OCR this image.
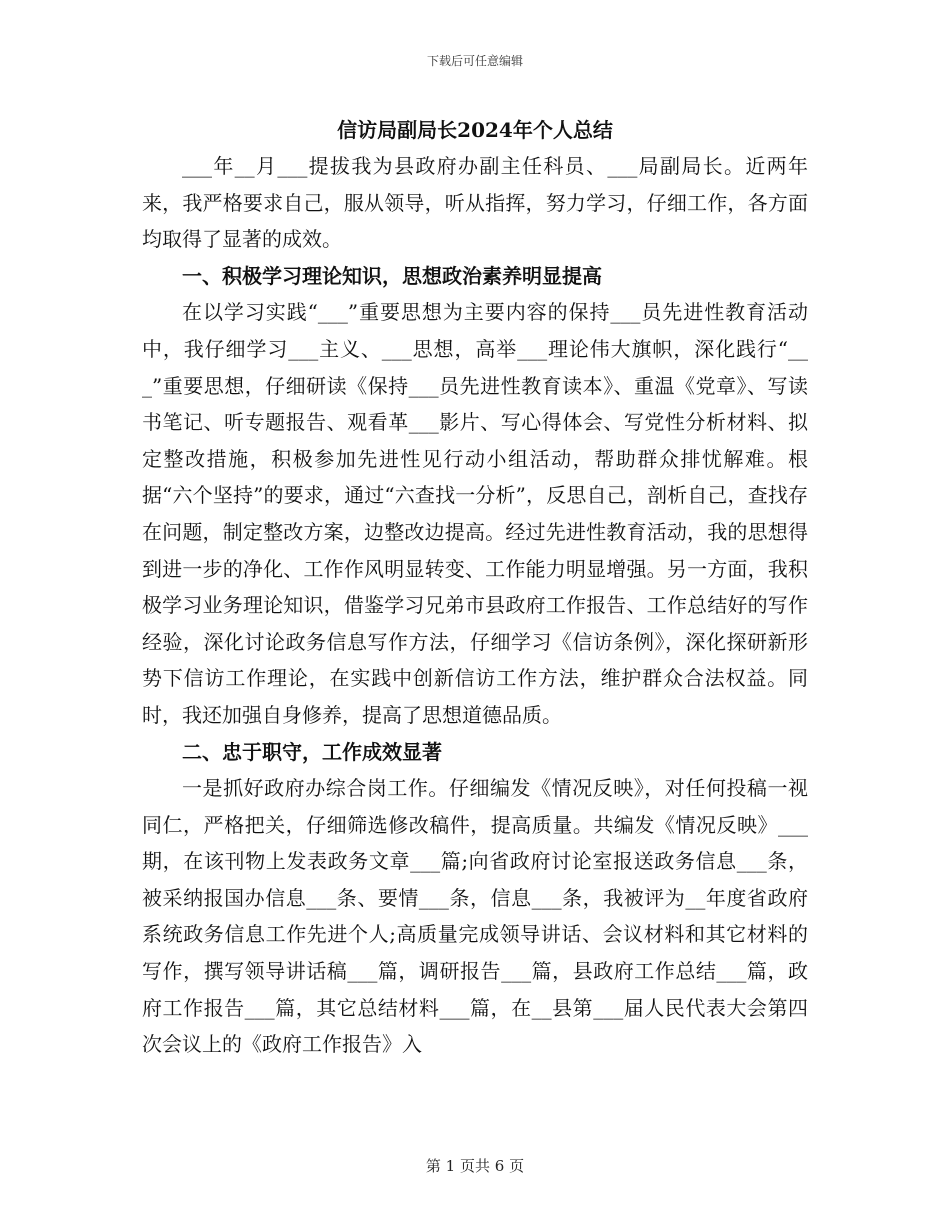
下载后可任意编辑
信访局副局长2024年个人总结

___年__月___提拔我为县政府办副主任科员、___局副局长。近两年来，我严格要求自己，服从领导，听从指挥，努力学习，仔细工作，各方面均取得了显著的成效。

一、积极学习理论知识，思想政治素养明显提高

在以学习实践“___”重要思想为主要内容的保持___员先进性教育活动中，我仔细学习___主义、___思想，高举___理论伟大旗帜，深化践行“___”重要思想，仔细研读《保持___员先进性教育读本》、重温《党章》、写读书笔记、听专题报告、观看革___影片、写心得体会、写党性分析材料、拟定整改措施，积极参加先进性见行动小组活动，帮助群众排忧解难。根据“六个坚持”的要求，通过“六查找一分析”，反思自己，剖析自己，查找存在问题，制定整改方案，边整改边提高。经过先进性教育活动，我的思想得到进一步的净化、工作作风明显转变、工作能力明显增强。另一方面，我积极学习业务理论知识，借鉴学习兄弟市县政府工作报告、工作总结好的写作经验，深化讨论政务信息写作方法，仔细学习《信访条例》，深化探研新形势下信访工作理论，在实践中创新信访工作方法，维护群众合法权益。同时，我还加强自身修养，提高了思想道德品质。

二、忠于职守，工作成效显著

一是抓好政府办综合岗工作。仔细编发《情况反映》，对任何投稿一视同仁，严格把关，仔细筛选修改稿件，提高质量。共编发《情况反映》___期，在该刊物上发表政务文章___篇;向省政府讨论室报送政务信息___条，被采纳报国办信息___条、要情___条，信息___条，我被评为__年度省政府系统政务信息工作先进个人;高质量完成领导讲话、会议材料和其它材料的写作，撰写领导讲话稿___篇，调研报告___篇，县政府工作总结___篇，政府工作报告___篇，其它总结材料___篇，在__县第___届人民代表大会第四次会议上的《政府工作报告》入

第 1 页共 6 页
